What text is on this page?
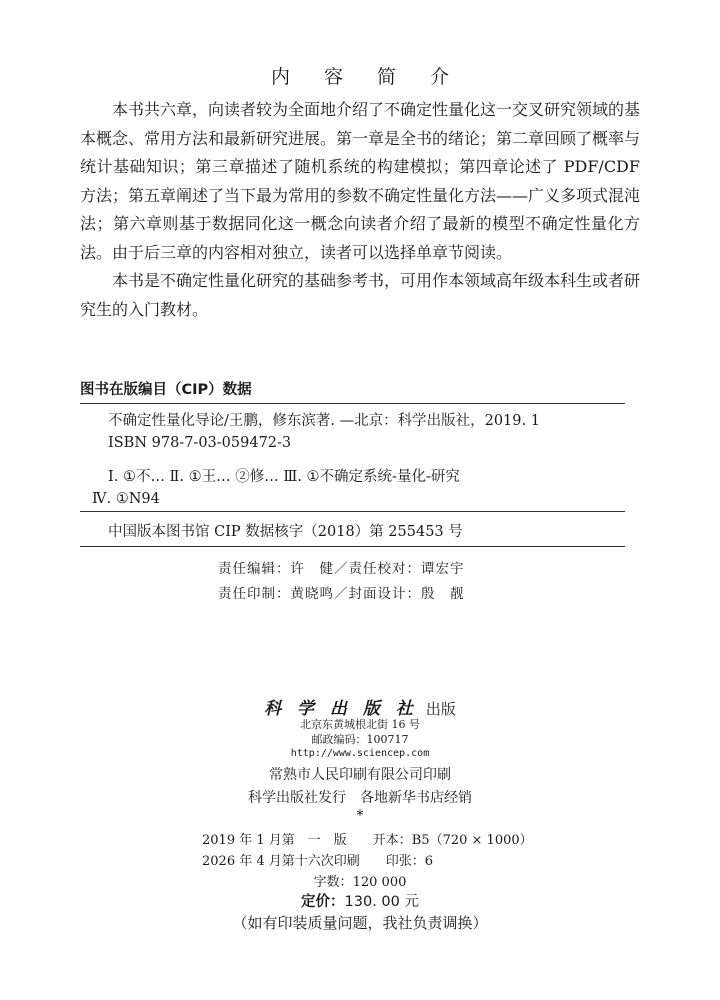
内 容 简 介

本书共六章，向读者较为全面地介绍了不确定性量化这一交叉研究领域的基本概念、常用方法和最新研究进展。第一章是全书的绪论；第二章回顾了概率与统计基础知识；第三章描述了随机系统的构建模拟；第四章论述了 PDF/CDF 方法；第五章阐述了当下最为常用的参数不确定性量化方法——广义多项式混沌法；第六章则基于数据同化这一概念向读者介绍了最新的模型不确定性量化方法。由于后三章的内容相对独立，读者可以选择单章节阅读。

本书是不确定性量化研究的基础参考书，可用作本领域高年级本科生或者研究生的入门教材。

图书在版编目（CIP）数据
不确定性量化导论/王鹏，修东滨著. —北京：科学出版社，2019. 1
ISBN 978-7-03-059472-3
Ⅰ. ①不… Ⅱ. ①王… ②修… Ⅲ. ①不确定系统-量化-研究
Ⅳ. ①N94
中国版本图书馆 CIP 数据核字（2018）第 255453 号
责任编辑：许　健／责任校对：谭宏宇
责任印制：黄晓鸣／封面设计：殷　靓
科 学 出 版 社 出版
北京东黄城根北街 16 号
邮政编码：100717
http://www.sciencep.com
常熟市人民印刷有限公司印刷
科学出版社发行　各地新华书店经销
*
2019 年 1 月第　一　版　　开本：B5（720 × 1000）
2026 年 4 月第十六次印刷　　印张：6
字数：120 000
定价：130. 00 元
（如有印装质量问题，我社负责调换）
